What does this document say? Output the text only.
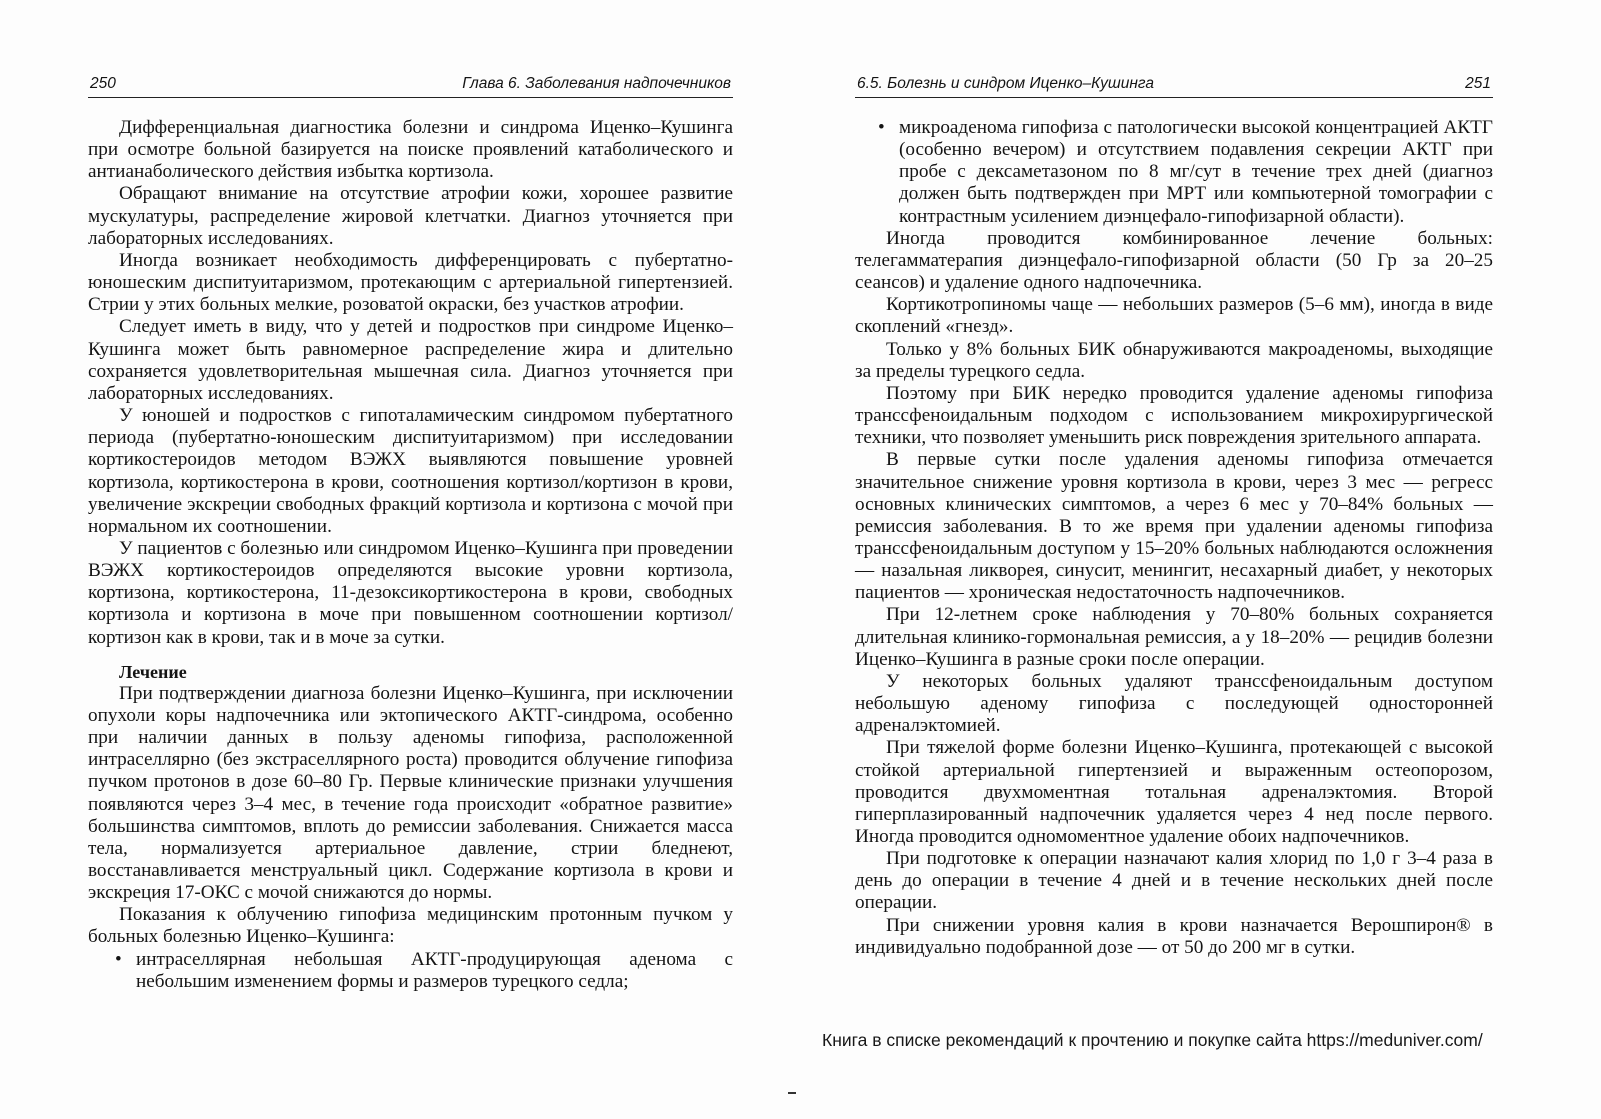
250	Глава 6. Заболевания надпочечников

Дифференциальная диагностика болезни и синдрома Иценко–Кушинга при осмотре больной базируется на поиске проявлений катаболического и антианаболического действия избытка кортизола.

Обращают внимание на отсутствие атрофии кожи, хорошее развитие мускулатуры, распределение жировой клетчатки. Диагноз уточняется при лабораторных исследованиях.

Иногда возникает необходимость дифференцировать с пубертатно-юношеским диспитуитаризмом, протекающим с артериальной гипертензией. Стрии у этих больных мелкие, розоватой окраски, без участков атрофии.

Следует иметь в виду, что у детей и подростков при синдроме Иценко–Кушинга может быть равномерное распределение жира и длительно сохраняется удовлетворительная мышечная сила. Диагноз уточняется при лабораторных исследованиях.

У юношей и подростков с гипоталамическим синдромом пубертатного периода (пубертатно-юношеским диспитуитаризмом) при исследовании кортикостероидов методом ВЭЖХ выявляются повышение уровней кортизола, кортикостерона в крови, соотношения кортизол/кортизон в крови, увеличение экскреции свободных фракций кортизола и кортизона с мочой при нормальном их соотношении.

У пациентов с болезнью или синдромом Иценко–Кушинга при проведении ВЭЖХ кортикостероидов определяются высокие уровни кортизола, кортизона, кортикостерона, 11-дезоксикортикостерона в крови, свободных кортизола и кортизона в моче при повышенном соотношении кортизол/кортизон как в крови, так и в моче за сутки.

Лечение

При подтверждении диагноза болезни Иценко–Кушинга, при исключении опухоли коры надпочечника или эктопического АКТГ-синдрома, особенно при наличии данных в пользу аденомы гипофиза, расположенной интраселлярно (без экстраселлярного роста) проводится облучение гипофиза пучком протонов в дозе 60–80 Гр. Первые клинические признаки улучшения появляются через 3–4 мес, в течение года происходит «обратное развитие» большинства симптомов, вплоть до ремиссии заболевания. Снижается масса тела, нормализуется артериальное давление, стрии бледнеют, восстанавливается менструальный цикл. Содержание кортизола в крови и экскреция 17-ОКС с мочой снижаются до нормы.

Показания к облучению гипофиза медицинским протонным пучком у больных болезнью Иценко–Кушинга:

• интраселлярная небольшая АКТГ-продуцирующая аденома с небольшим изменением формы и размеров турецкого седла;
6.5. Болезнь и синдром Иценко–Кушинга	251
• микроаденома гипофиза с патологически высокой концентрацией АКТГ (особенно вечером) и отсутствием подавления секреции АКТГ при пробе с дексаметазоном по 8 мг/сут в течение трех дней (диагноз должен быть подтвержден при МРТ или компьютерной томографии с контрастным усилением диэнцефало-гипофизарной области).

Иногда проводится комбинированное лечение больных: телегамматерапия диэнцефало-гипофизарной области (50 Гр за 20–25 сеансов) и удаление одного надпочечника.

Кортикотропиномы чаще — небольших размеров (5–6 мм), иногда в виде скоплений «гнезд».

Только у 8% больных БИК обнаруживаются макроаденомы, выходящие за пределы турецкого седла.

Поэтому при БИК нередко проводится удаление аденомы гипофиза транссфеноидальным подходом с использованием микрохирургической техники, что позволяет уменьшить риск повреждения зрительного аппарата.

В первые сутки после удаления аденомы гипофиза отмечается значительное снижение уровня кортизола в крови, через 3 мес — регресс основных клинических симптомов, а через 6 мес у 70–84% больных — ремиссия заболевания. В то же время при удалении аденомы гипофиза транссфеноидальным доступом у 15–20% больных наблюдаются осложнения — назальная ликворея, синусит, менингит, несахарный диабет, у некоторых пациентов — хроническая недостаточность надпочечников.

При 12-летнем сроке наблюдения у 70–80% больных сохраняется длительная клинико-гормональная ремиссия, а у 18–20% — рецидив болезни Иценко–Кушинга в разные сроки после операции.

У некоторых больных удаляют транссфеноидальным доступом небольшую аденому гипофиза с последующей односторонней адреналэктомией.

При тяжелой форме болезни Иценко–Кушинга, протекающей с высокой стойкой артериальной гипертензией и выраженным остеопорозом, проводится двухмоментная тотальная адреналэктомия. Второй гиперплазированный надпочечник удаляется через 4 нед после первого. Иногда проводится одномоментное удаление обоих надпочечников.

При подготовке к операции назначают калия хлорид по 1,0 г 3–4 раза в день до операции в течение 4 дней и в течение нескольких дней после операции.

При снижении уровня калия в крови назначается Верошпирон® в индивидуально подобранной дозе — от 50 до 200 мг в сутки.

Книга в списке рекомендаций к прочтению и покупке сайта https://meduniver.com/
